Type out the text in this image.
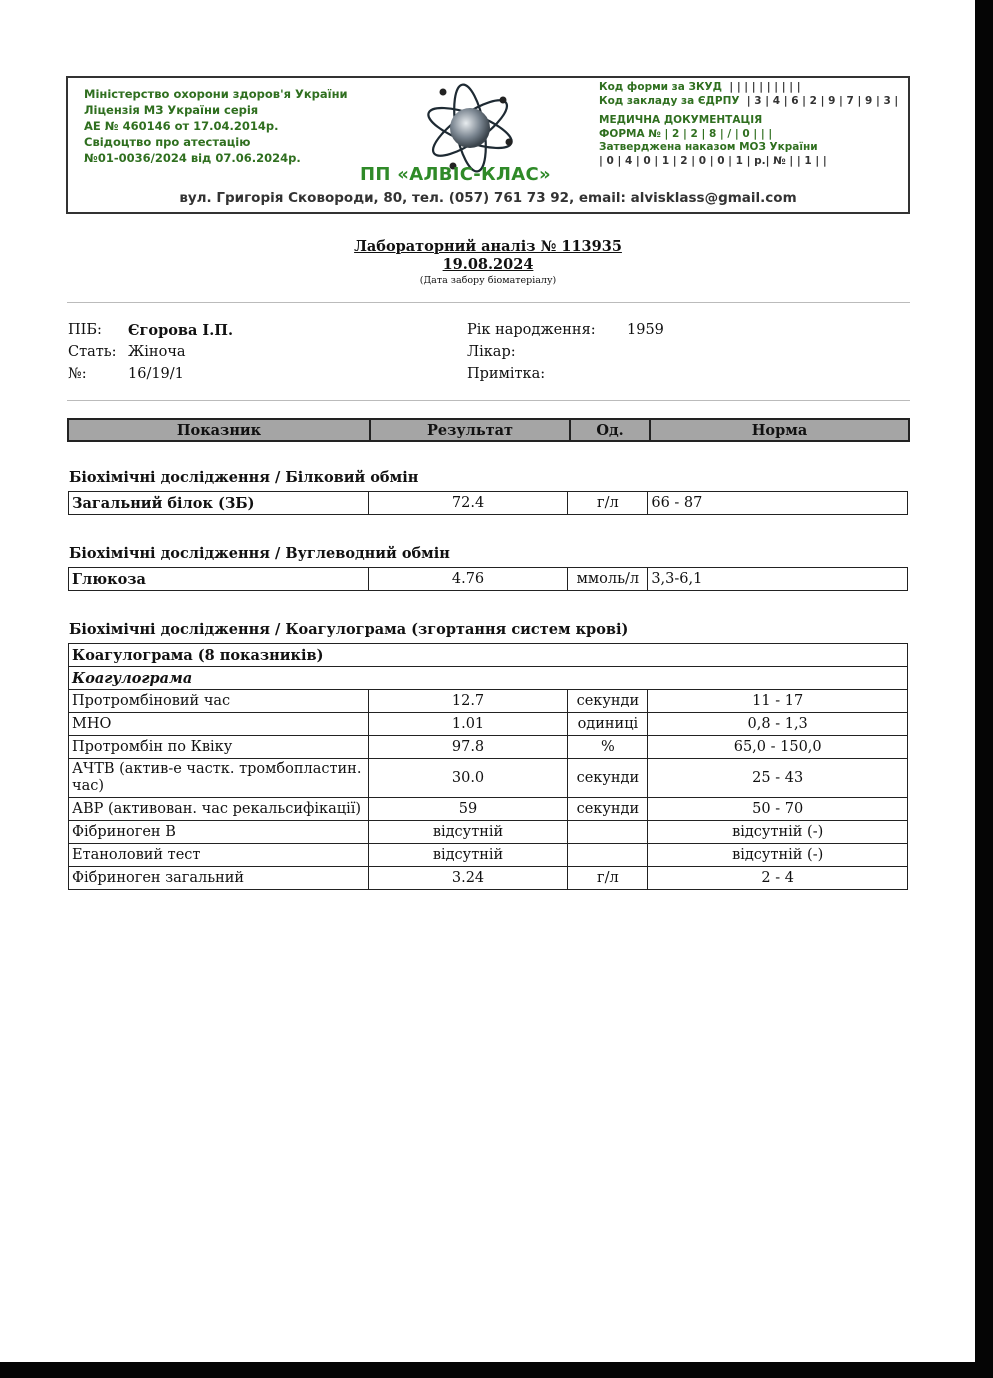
Міністерство охорони здоров'я України
Ліцензія МЗ України серія
АЕ № 460146 от 17.04.2014р.
Свідоцтво про атестацію
№01-0036/2024 від 07.06.2024р.
ПП «АЛВІС-КЛАС»
вул. Григорія Сковороди, 80, тел. (057) 761 73 92, email: alvisklass@gmail.com
Код форми за ЗКУД | | | | | | | | | |
Код закладу за ЄДРПУ | 3 | 4 | 6 | 2 | 9 | 7 | 9 | 3 |
МЕДИЧНА ДОКУМЕНТАЦІЯ
ФОРМА № | 2 | 2 | 8 | / | 0 | | |
Затверджена наказом МОЗ України
| 0 | 4 | 0 | 1 | 2 | 0 | 0 | 1 | р.| № | | 1 | |
Лабораторний аналіз № 113935
19.08.2024
(Дата забору біоматеріалу)
ПІБ: Єгорова І.П.
Стать: Жіноча
№:	16/19/1
Рік народження: 1959
Лікар:
Примітка:
Показник	Результат	Од.	Норма
Біохімічні дослідження / Білковий обмін
Загальний білок (ЗБ)	72.4	г/л	66 - 87
Біохімічні дослідження / Вуглеводний обмін
Глюкоза	4.76	ммоль/л	3,3-6,1
Біохімічні дослідження / Коагулограма (згортання систем крові)
Коагулограма (8 показників)			
Коагулограма			
Протромбіновий час	12.7	секунди	11 - 17
МНО	1.01	одиниці	0,8 - 1,3
Протромбін по Квіку	97.8	%	65,0 - 150,0
АЧТВ (актив-е частк. тромбопластин. час)	30.0	секунди	25 - 43
АВР (активован. час рекальсифікації)	59	секунди	50 - 70
Фібриноген В	відсутній		відсутній (-)
Етаноловий тест	відсутній		відсутній (-)
Фібриноген загальний	3.24	г/л	2 - 4
